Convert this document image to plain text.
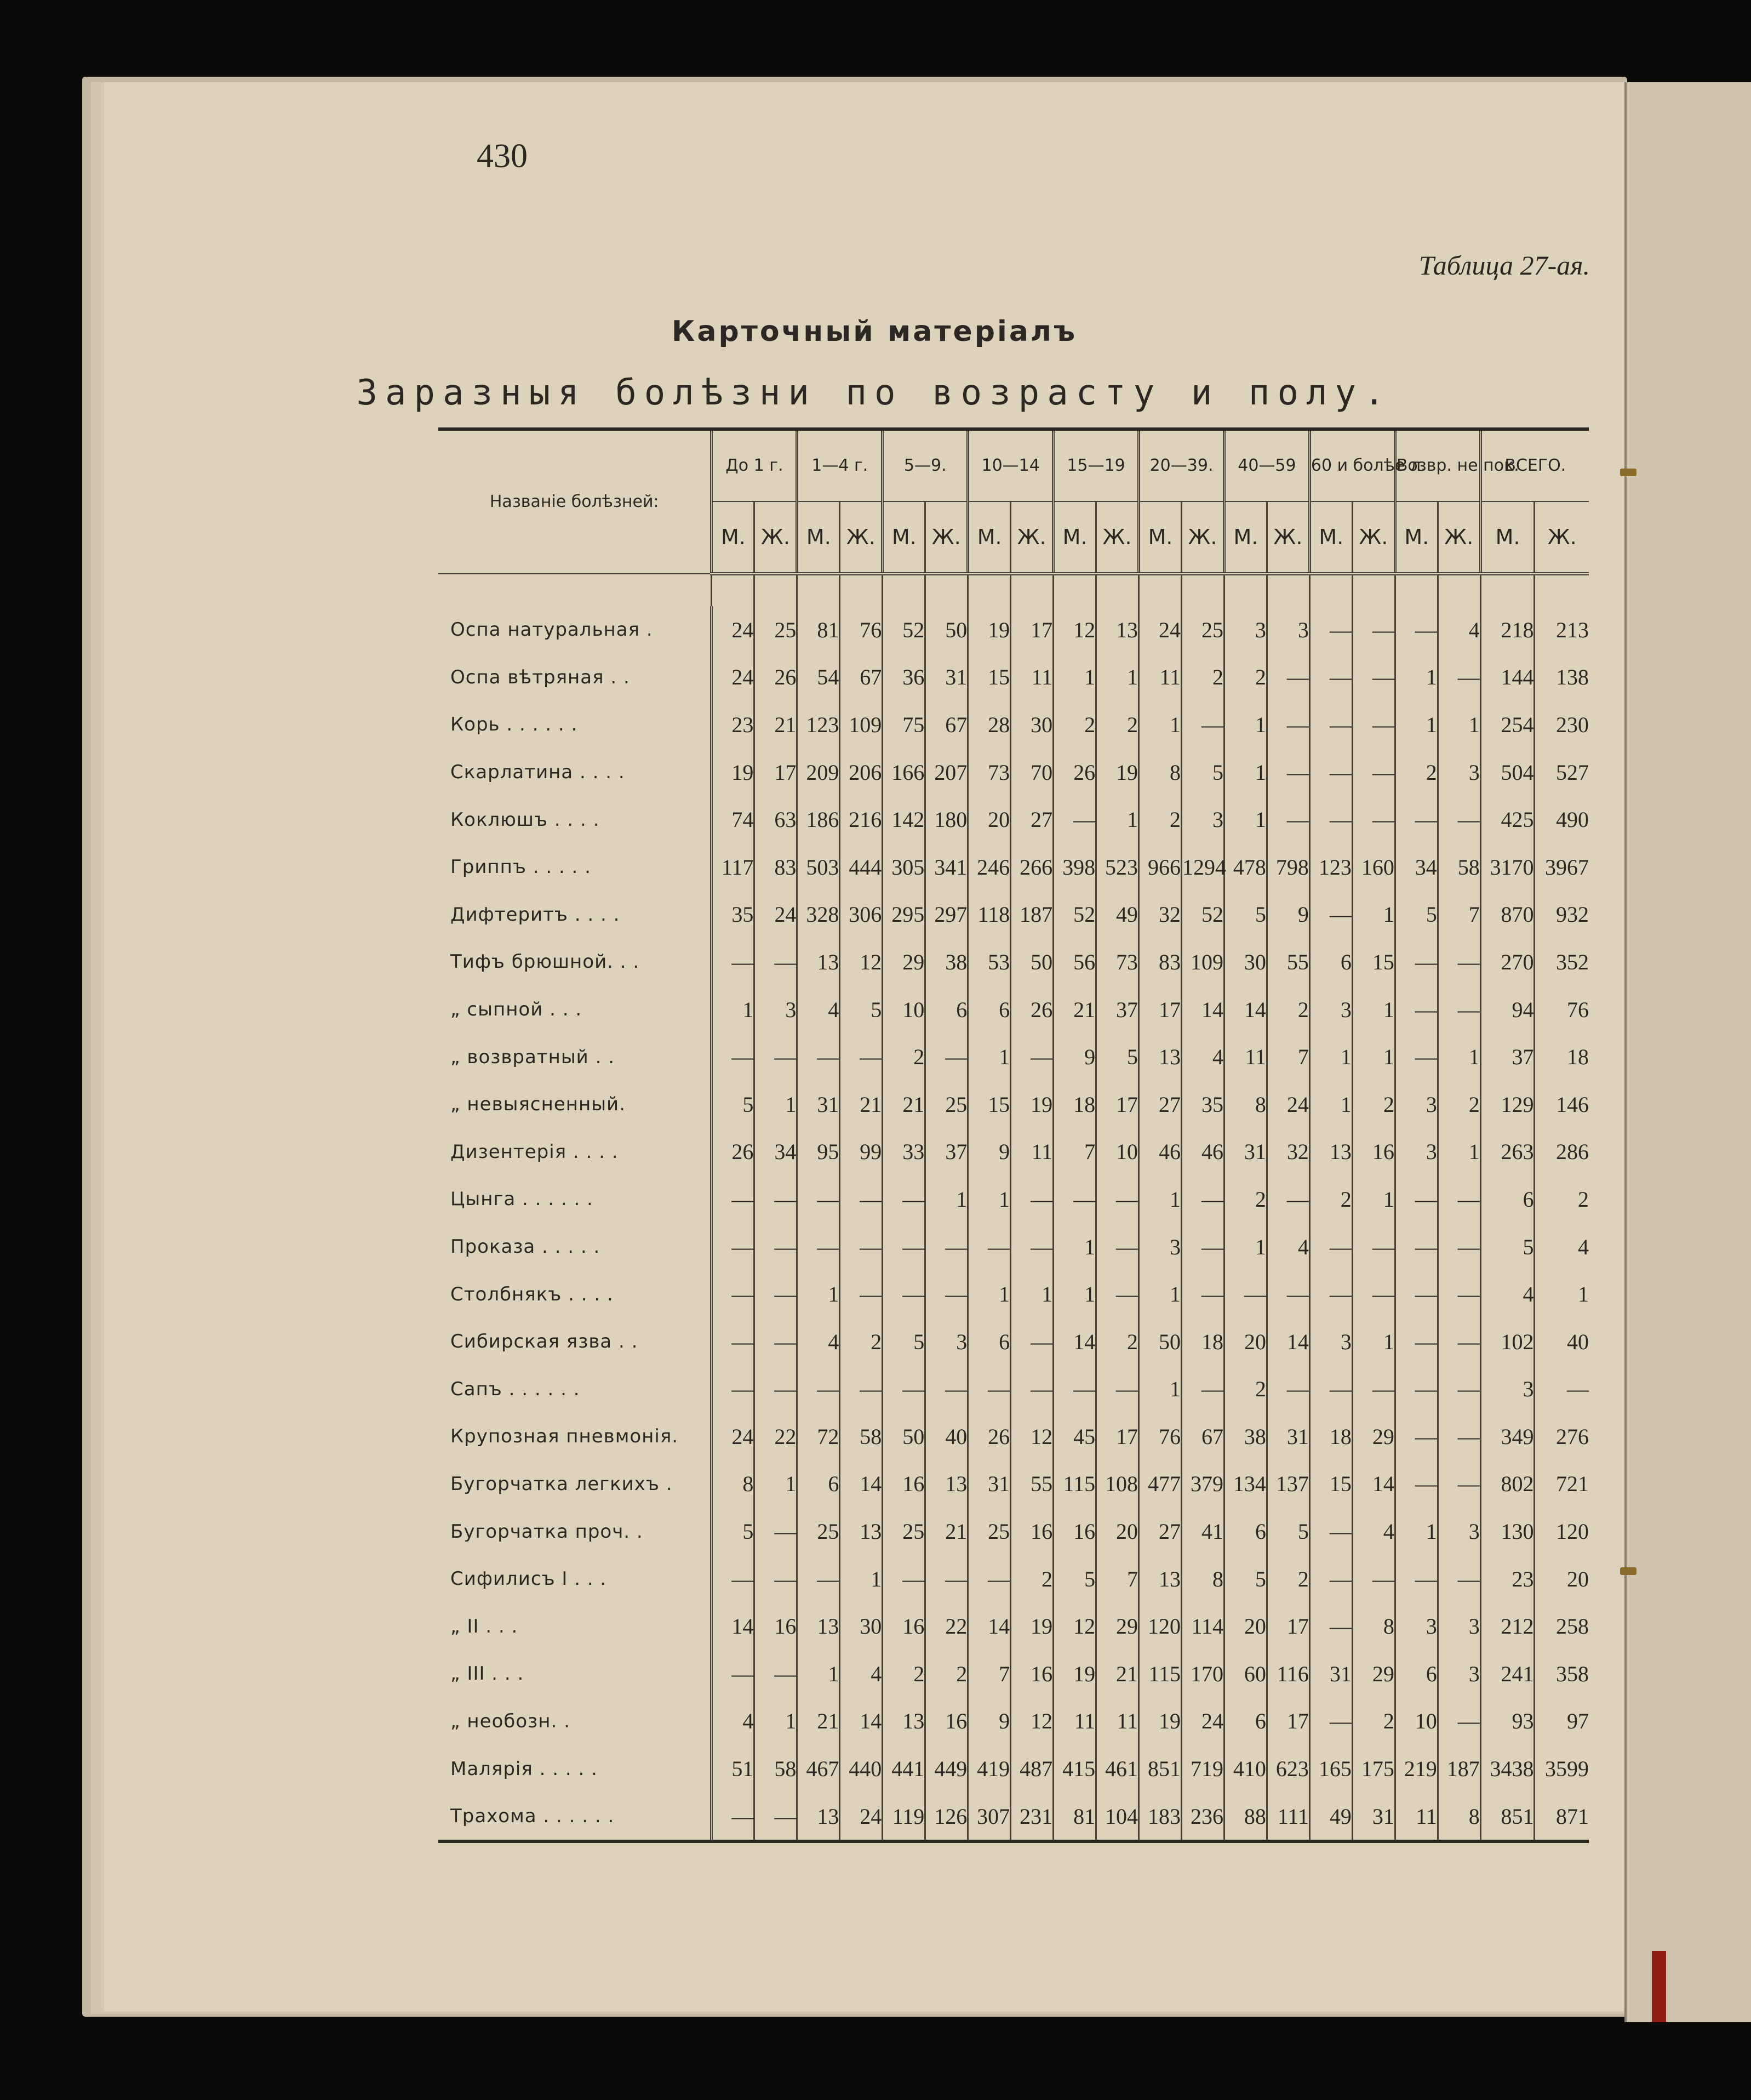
430
Таблица 27-ая.
Карточный матеріалъ
Заразныя болѣзни по возрасту и полу.
Названіе болѣзней:	До 1 г.		1—4 г.		5—9.		10—14		15—19		20—39.		40—59		60 и болѣе л.		Возвр. не пок.		ВСЕГО.	
	М.	Ж.	М.	Ж.	М.	Ж.	М.	Ж.	М.	Ж.	М.	Ж.	М.	Ж.	М.	Ж.	М.	Ж.	М.	Ж.

Оспа натуральная .	24	25	81	76	52	50	19	17	12	13	24	25	3	3	—	—	—	4	218	213
Оспа вѣтряная . .	24	26	54	67	36	31	15	11	1	1	11	2	2	—	—	—	1	—	144	138
Корь . . . . . .	23	21	123	109	75	67	28	30	2	2	1	—	1	—	—	—	1	1	254	230
Скарлатина . . . .	19	17	209	206	166	207	73	70	26	19	8	5	1	—	—	—	2	3	504	527
Коклюшъ . . . .	74	63	186	216	142	180	20	27	—	1	2	3	1	—	—	—	—	—	425	490
Гриппъ . . . . .	117	83	503	444	305	341	246	266	398	523	966	1294	478	798	123	160	34	58	3170	3967
Дифтеритъ . . . .	35	24	328	306	295	297	118	187	52	49	32	52	5	9	—	1	5	7	870	932
Тифъ брюшной. . .	—	—	13	12	29	38	53	50	56	73	83	109	30	55	6	15	—	—	270	352
„ сыпной . . .	1	3	4	5	10	6	6	26	21	37	17	14	14	2	3	1	—	—	94	76
„ возвратный . .	—	—	—	—	2	—	1	—	9	5	13	4	11	7	1	1	—	1	37	18
„ невыясненный.	5	1	31	21	21	25	15	19	18	17	27	35	8	24	1	2	3	2	129	146
Дизентерія . . . .	26	34	95	99	33	37	9	11	7	10	46	46	31	32	13	16	3	1	263	286
Цынга . . . . . .	—	—	—	—	—	1	1	—	—	—	1	—	2	—	2	1	—	—	6	2
Проказа . . . . .	—	—	—	—	—	—	—	—	1	—	3	—	1	4	—	—	—	—	5	4
Столбнякъ . . . .	—	—	1	—	—	—	1	1	1	—	1	—	—	—	—	—	—	—	4	1
Сибирская язва . .	—	—	4	2	5	3	6	—	14	2	50	18	20	14	3	1	—	—	102	40
Сапъ . . . . . .	—	—	—	—	—	—	—	—	—	—	1	—	2	—	—	—	—	—	3	—
Крупозная пневмонія.	24	22	72	58	50	40	26	12	45	17	76	67	38	31	18	29	—	—	349	276
Бугорчатка легкихъ .	8	1	6	14	16	13	31	55	115	108	477	379	134	137	15	14	—	—	802	721
Бугорчатка проч. .	5	—	25	13	25	21	25	16	16	20	27	41	6	5	—	4	1	3	130	120
Сифилисъ I . . .	—	—	—	1	—	—	—	2	5	7	13	8	5	2	—	—	—	—	23	20
„ II . . .	14	16	13	30	16	22	14	19	12	29	120	114	20	17	—	8	3	3	212	258
„ III . . .	—	—	1	4	2	2	7	16	19	21	115	170	60	116	31	29	6	3	241	358
„ необозн. .	4	1	21	14	13	16	9	12	11	11	19	24	6	17	—	2	10	—	93	97
Малярія . . . . .	51	58	467	440	441	449	419	487	415	461	851	719	410	623	165	175	219	187	3438	3599
Трахома . . . . . .	—	—	13	24	119	126	307	231	81	104	183	236	88	111	49	31	11	8	851	871
